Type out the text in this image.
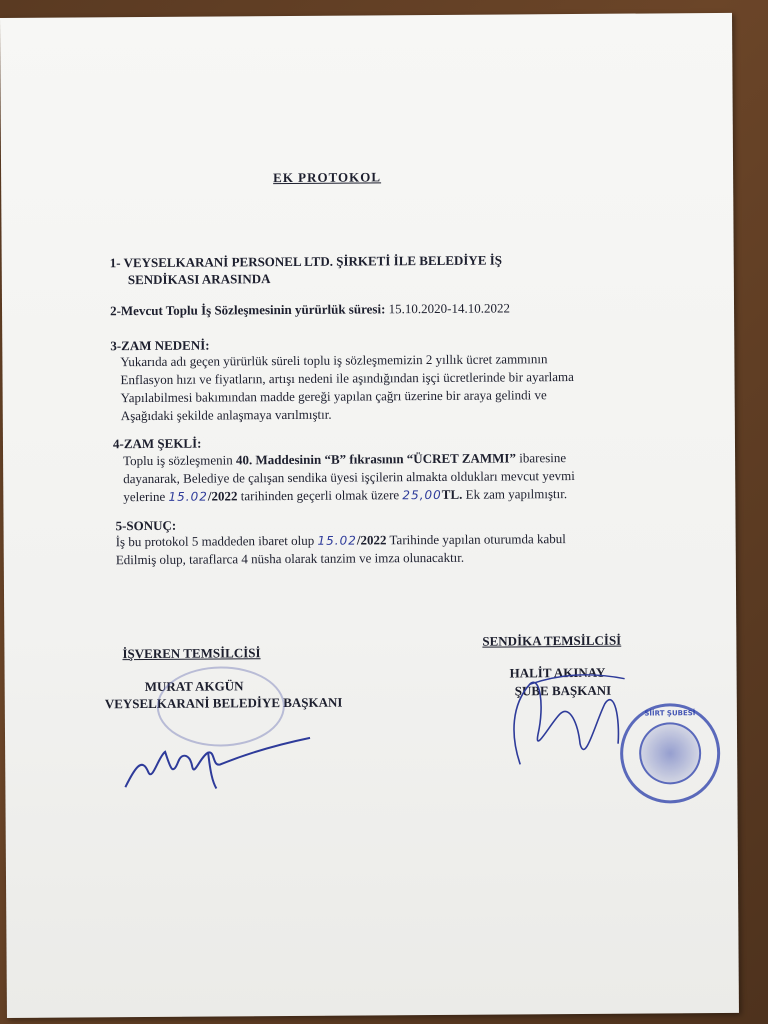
EK PROTOKOL
1- VEYSELKARANİ PERSONEL LTD. ŞİRKETİ İLE BELEDİYE İŞ
SENDİKASI ARASINDA
2-Mevcut Toplu İş Sözleşmesinin yürürlük süresi: 15.10.2020-14.10.2022
3-ZAM NEDENİ:
Yukarıda adı geçen yürürlük süreli toplu iş sözleşmemizin 2 yıllık ücret zammının
Enflasyon hızı ve fiyatların, artışı nedeni ile aşındığından işçi ücretlerinde bir ayarlama
Yapılabilmesi bakımından madde gereği yapılan çağrı üzerine bir araya gelindi ve
Aşağıdaki şekilde anlaşmaya varılmıştır.
4-ZAM ŞEKLİ:
Toplu iş sözleşmenin 40. Maddesinin “B” fıkrasının “ÜCRET ZAMMI” ibaresine
dayanarak, Belediye de çalışan sendika üyesi işçilerin almakta oldukları mevcut yevmi
yelerine 15.02/2022 tarihinden geçerli olmak üzere 25,00TL. Ek zam yapılmıştır.
5-SONUÇ:
İş bu protokol 5 maddeden ibaret olup 15.02/2022 Tarihinde yapılan oturumda kabul
Edilmiş olup, taraflarca 4 nüsha olarak tanzim ve imza olunacaktır.
İŞVEREN TEMSİLCİSİ
MURAT AKGÜN
VEYSELKARANİ BELEDİYE BAŞKANI
SENDİKA TEMSİLCİSİ
HALİT AKINAY
ŞUBE BAŞKANI
SİİRT ŞUBESİ
